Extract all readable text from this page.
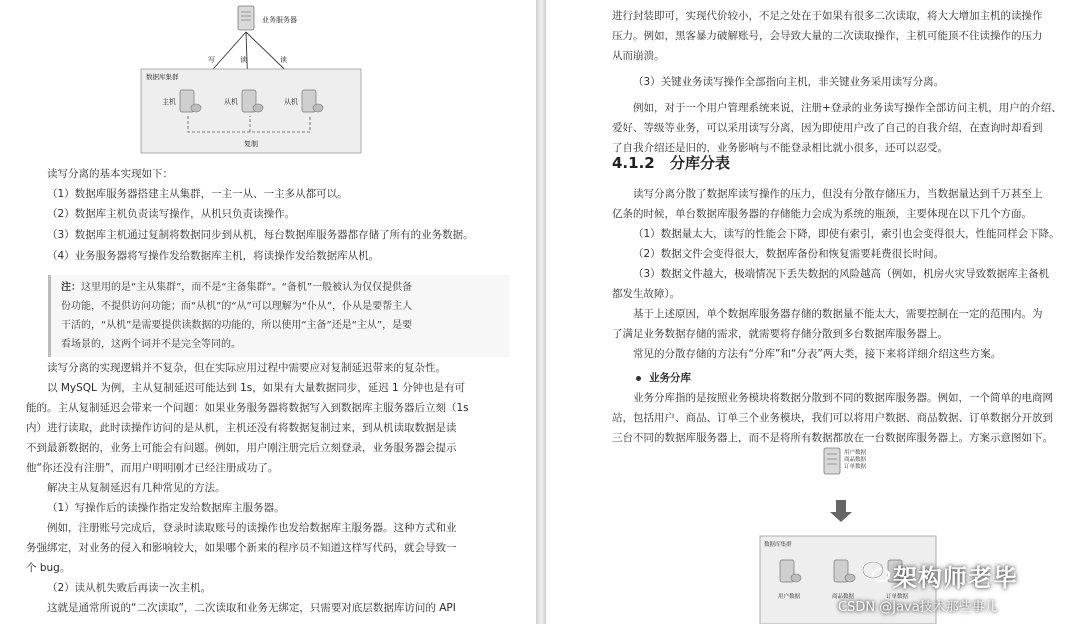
业务服务器
写	读	读
数据库集群
主机	从机	从机
复制

读写分离的基本实现如下：

（1）数据库服务器搭建主从集群，一主一从、一主多从都可以。

（2）数据库主机负责读写操作，从机只负责读操作。

（3）数据库主机通过复制将数据同步到从机，每台数据库服务器都存储了所有的业务数据。

（4）业务服务器将写操作发给数据库主机，将读操作发给数据库从机。

注：这里用的是“主从集群”，而不是“主备集群”。“备机”一般被认为仅仅提供备

份功能，不提供访问功能；而“从机”的“从”可以理解为“仆从”，仆从是要帮主人

干活的，“从机”是需要提供读数据的功能的，所以使用“主备”还是“主从”，是要

看场景的，这两个词并不是完全等同的。

读写分离的实现逻辑并不复杂，但在实际应用过程中需要应对复制延迟带来的复杂性。

以 MySQL 为例，主从复制延迟可能达到 1s，如果有大量数据同步，延迟 1 分钟也是有可

能的。主从复制延迟会带来一个问题：如果业务服务器将数据写入到数据库主服务器后立刻（1s

内）进行读取，此时读操作访问的是从机，主机还没有将数据复制过来，到从机读取数据是读

不到最新数据的，业务上可能会有问题。例如，用户刚注册完后立刻登录，业务服务器会提示

他“你还没有注册”，而用户明明刚才已经注册成功了。

解决主从复制延迟有几种常见的方法。

（1）写操作后的读操作指定发给数据库主服务器。

例如，注册账号完成后，登录时读取账号的读操作也发给数据库主服务器。这种方式和业

务强绑定，对业务的侵入和影响较大，如果哪个新来的程序员不知道这样写代码，就会导致一

个 bug。

（2）读从机失败后再读一次主机。

这就是通常所说的“二次读取”，二次读取和业务无绑定，只需要对底层数据库访问的 API

进行封装即可，实现代价较小，不足之处在于如果有很多二次读取，将大大增加主机的读操作

压力。例如，黑客暴力破解账号，会导致大量的二次读取操作，主机可能顶不住读操作的压力

从而崩溃。

（3）关键业务读写操作全部指向主机，非关键业务采用读写分离。

例如，对于一个用户管理系统来说，注册+登录的业务读写操作全部访问主机，用户的介绍、

爱好、等级等业务，可以采用读写分离，因为即使用户改了自己的自我介绍，在查询时却看到

了自我介绍还是旧的，业务影响与不能登录相比就小很多，还可以忍受。

4.1.2 分库分表

读写分离分散了数据库读写操作的压力，但没有分散存储压力，当数据量达到千万甚至上

亿条的时候，单台数据库服务器的存储能力会成为系统的瓶颈，主要体现在以下几个方面。

（1）数据量太大，读写的性能会下降，即使有索引，索引也会变得很大，性能同样会下降。

（2）数据文件会变得很大，数据库备份和恢复需要耗费很长时间。

（3）数据文件越大，极端情况下丢失数据的风险越高（例如，机房火灾导致数据库主备机

都发生故障）。

基于上述原因，单个数据库服务器存储的数据量不能太大，需要控制在一定的范围内。为

了满足业务数据存储的需求，就需要将存储分散到多台数据库服务器上。

常见的分散存储的方法有“分库”和“分表”两大类，接下来将详细介绍这些方案。

业务分库

业务分库指的是按照业务模块将数据分散到不同的数据库服务器。例如，一个简单的电商网

站，包括用户、商品、订单三个业务模块，我们可以将用户数据、商品数据、订单数据分开放到

三台不同的数据库服务器上，而不是将所有数据都放在一台数据库服务器上。方案示意图如下。

用户数据
商品数据
订单数据
数据库集群
用户数据	商品数据	订单数据
架构师老毕
CSDN @Java技术那些事儿
